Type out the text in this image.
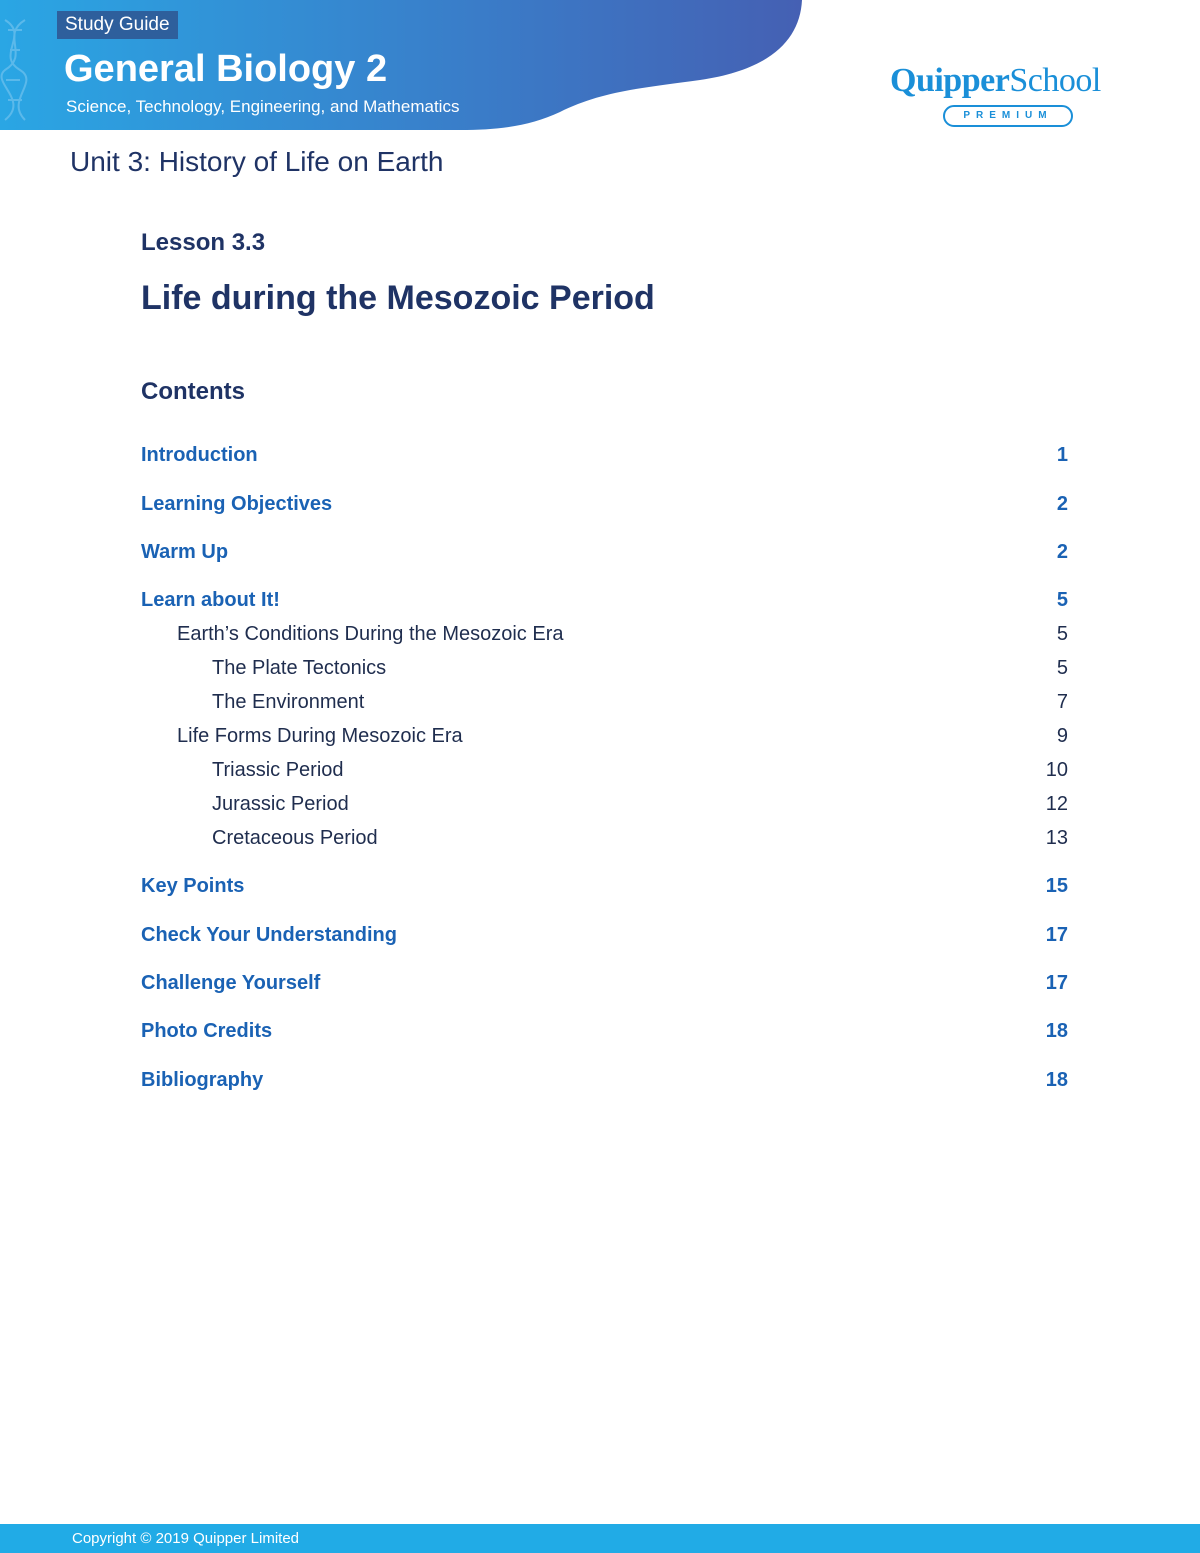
Study Guide
General Biology 2
Science, Technology, Engineering, and Mathematics
QuipperSchool
PREMIUM
Unit 3: History of Life on Earth
Lesson 3.3
Life during the Mesozoic Period
Contents
Introduction	1
Learning Objectives	2
Warm Up	2
Learn about It!	5
Earth’s Conditions During the Mesozoic Era	5
The Plate Tectonics	5
The Environment	7
Life Forms During Mesozoic Era	9
Triassic Period	10
Jurassic Period	12
Cretaceous Period	13
Key Points	15
Check Your Understanding	17
Challenge Yourself	17
Photo Credits	18
Bibliography	18
Copyright © 2019 Quipper Limited
